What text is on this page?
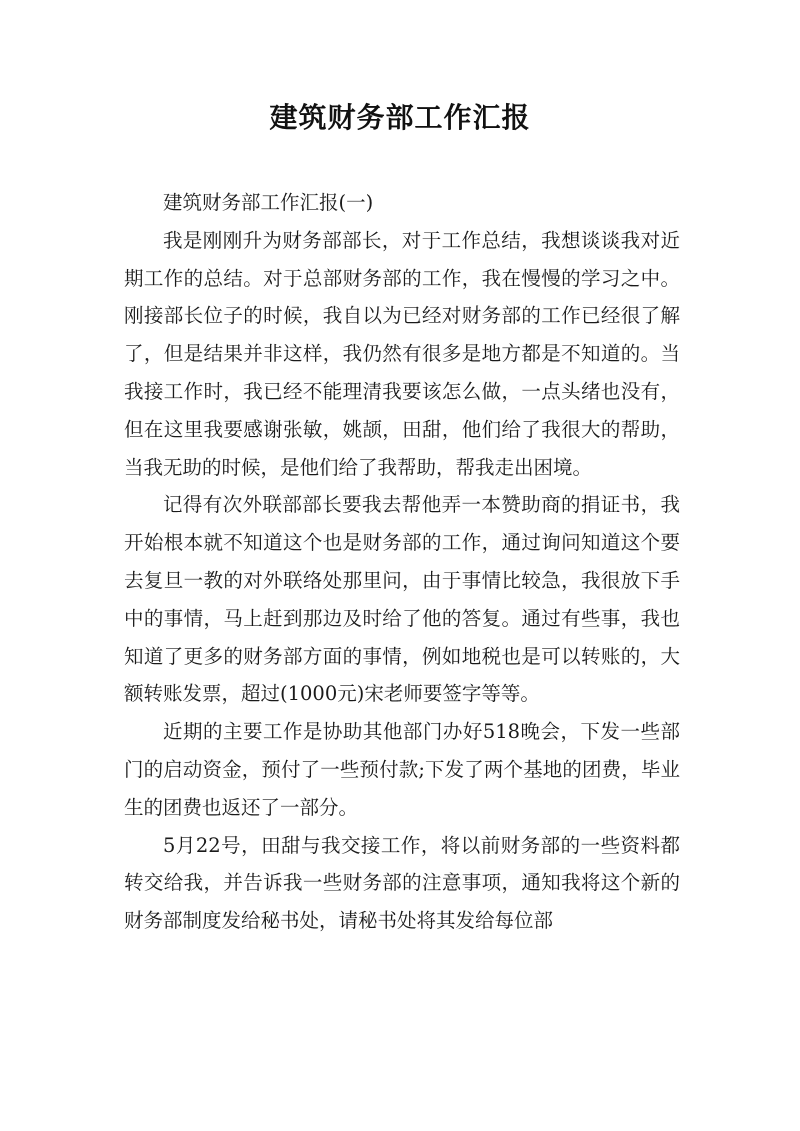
建筑财务部工作汇报
建筑财务部工作汇报(一)

我是刚刚升为财务部部长，对于工作总结，我想谈谈我对近期工作的总结。对于总部财务部的工作，我在慢慢的学习之中。刚接部长位子的时候，我自以为已经对财务部的工作已经很了解了，但是结果并非这样，我仍然有很多是地方都是不知道的。当我接工作时，我已经不能理清我要该怎么做，一点头绪也没有，但在这里我要感谢张敏，姚颉，田甜，他们给了我很大的帮助，当我无助的时候，是他们给了我帮助，帮我走出困境。

记得有次外联部部长要我去帮他弄一本赞助商的捐证书，我开始根本就不知道这个也是财务部的工作，通过询问知道这个要去复旦一教的对外联络处那里问，由于事情比较急，我很放下手中的事情，马上赶到那边及时给了他的答复。通过有些事，我也知道了更多的财务部方面的事情，例如地税也是可以转账的，大额转账发票，超过(1000元)宋老师要签字等等。

近期的主要工作是协助其他部门办好518晚会，下发一些部门的启动资金，预付了一些预付款;下发了两个基地的团费，毕业生的团费也返还了一部分。

5月22号，田甜与我交接工作，将以前财务部的一些资料都转交给我，并告诉我一些财务部的注意事项，通知我将这个新的财务部制度发给秘书处，请秘书处将其发给每位部
